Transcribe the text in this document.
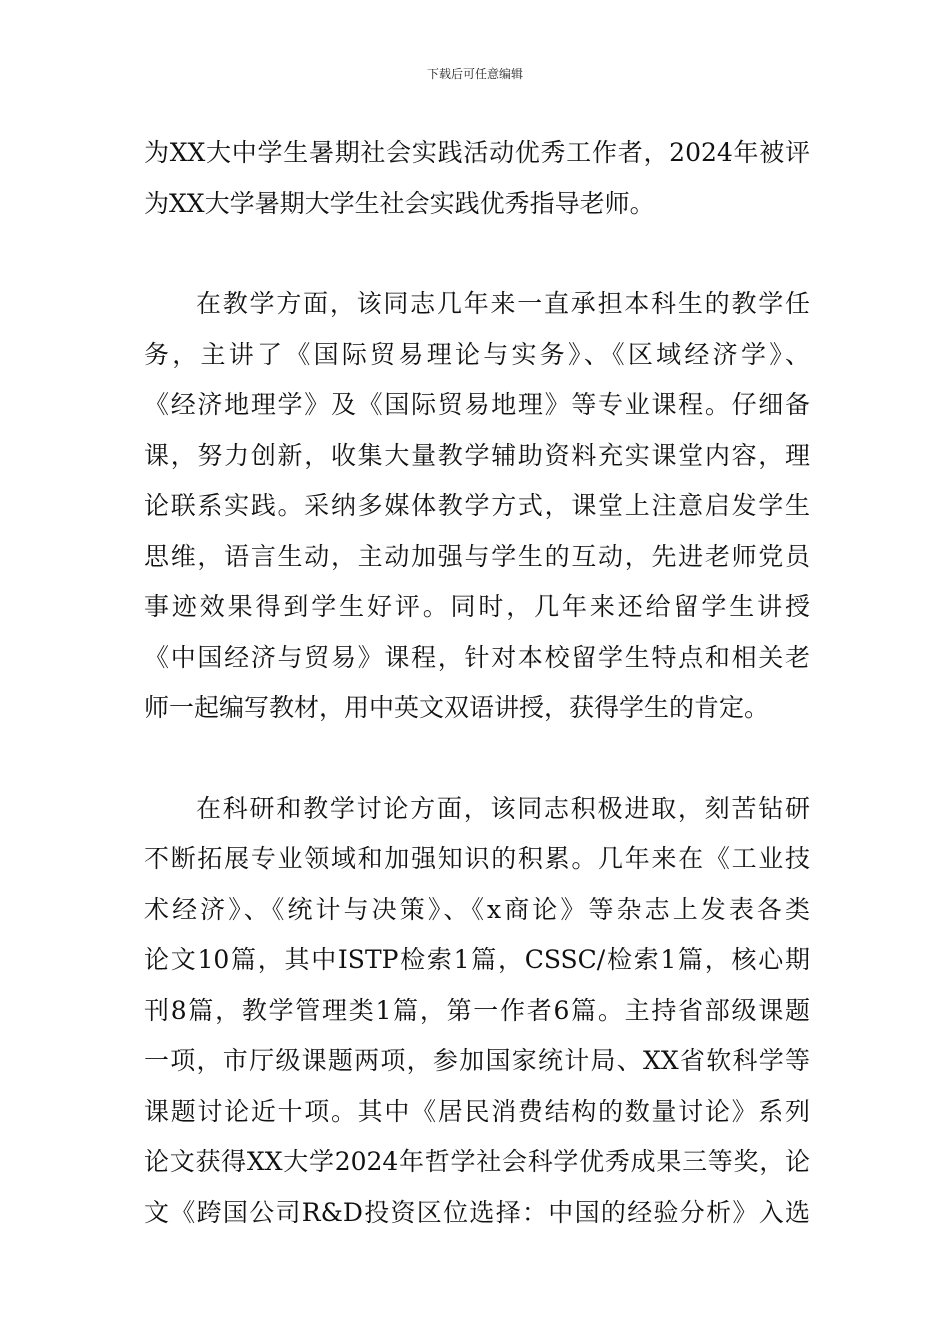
下载后可任意编辑
为XX大中学生暑期社会实践活动优秀工作者，2024年被评
为XX大学暑期大学生社会实践优秀指导老师。
在教学方面，该同志几年来一直承担本科生的教学任
务，主讲了《国际贸易理论与实务》、《区域经济学》、
《经济地理学》及《国际贸易地理》等专业课程。仔细备
课，努力创新，收集大量教学辅助资料充实课堂内容，理
论联系实践。采纳多媒体教学方式，课堂上注意启发学生
思维，语言生动，主动加强与学生的互动，先进老师党员
事迹效果得到学生好评。同时，几年来还给留学生讲授
《中国经济与贸易》课程，针对本校留学生特点和相关老
师一起编写教材，用中英文双语讲授，获得学生的肯定。
在科研和教学讨论方面，该同志积极进取，刻苦钻研
不断拓展专业领域和加强知识的积累。几年来在《工业技
术经济》、《统计与决策》、《x商论》等杂志上发表各类
论文10篇，其中ISTP检索1篇，CSSC/检索1篇，核心期
刊8篇，教学管理类1篇，第一作者6篇。主持省部级课题
一项，市厅级课题两项，参加国家统计局、XX省软科学等
课题讨论近十项。其中《居民消费结构的数量讨论》系列
论文获得XX大学2024年哲学社会科学优秀成果三等奖，论
文《跨国公司R&D投资区位选择：中国的经验分析》入选
